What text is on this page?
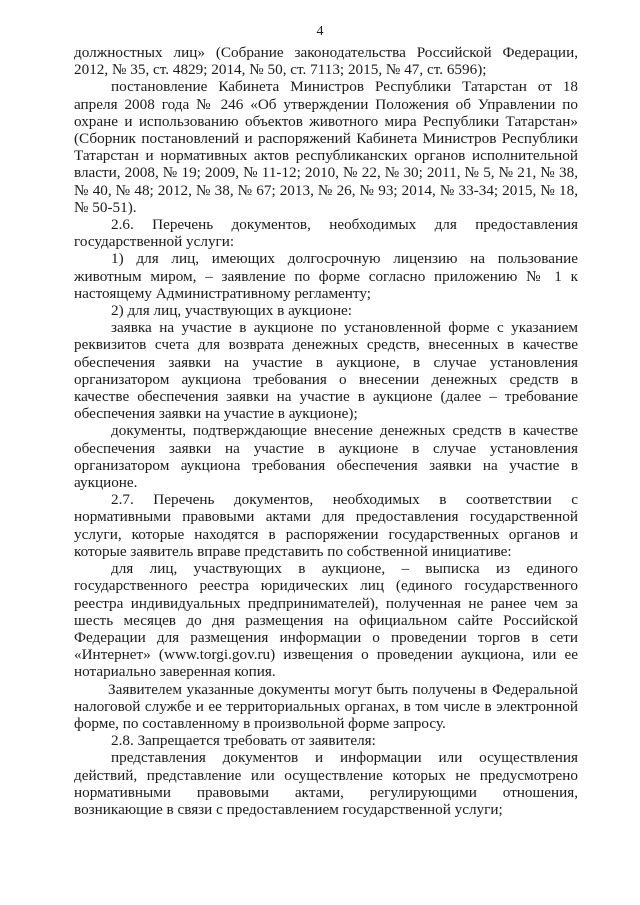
4

должностных лиц» (Собрание законодательства Российской Федерации, 2012, № 35, ст. 4829; 2014, № 50, ст. 7113; 2015, № 47, ст. 6596);

постановление Кабинета Министров Республики Татарстан от 18 апреля 2008 года № 246 «Об утверждении Положения об Управлении по охране и использованию объектов животного мира Республики Татарстан» (Сборник постановлений и распоряжений Кабинета Министров Республики Татарстан и нормативных актов республиканских органов исполнительной власти, 2008, № 19; 2009, № 11-12; 2010, № 22, № 30; 2011, № 5, № 21, № 38, № 40, № 48; 2012, № 38, № 67; 2013, № 26, № 93; 2014, № 33-34; 2015, № 18, № 50-51).

2.6. Перечень документов, необходимых для предоставления государственной услуги:

1) для лиц, имеющих долгосрочную лицензию на пользование животным миром, – заявление по форме согласно приложению № 1 к настоящему Административному регламенту;

2) для лиц, участвующих в аукционе:

заявка на участие в аукционе по установленной форме с указанием реквизитов счета для возврата денежных средств, внесенных в качестве обеспечения заявки на участие в аукционе, в случае установления организатором аукциона требования о внесении денежных средств в качестве обеспечения заявки на участие в аукционе (далее – требование обеспечения заявки на участие в аукционе);

документы, подтверждающие внесение денежных средств в качестве обеспечения заявки на участие в аукционе в случае установления организатором аукциона требования обеспечения заявки на участие в аукционе.

2.7. Перечень документов, необходимых в соответствии с нормативными правовыми актами для предоставления государственной услуги, которые находятся в распоряжении государственных органов и которые заявитель вправе представить по собственной инициативе:

для лиц, участвующих в аукционе, – выписка из единого государственного реестра юридических лиц (единого государственного реестра индивидуальных предпринимателей), полученная не ранее чем за шесть месяцев до дня размещения на официальном сайте Российской Федерации для размещения информации о проведении торгов в сети «Интернет» (www.torgi.gov.ru) извещения о проведении аукциона, или ее нотариально заверенная копия.

Заявителем указанные документы могут быть получены в Федеральной налоговой службе и ее территориальных органах, в том числе в электронной форме, по составленному в произвольной форме запросу.

2.8. Запрещается требовать от заявителя:

представления документов и информации или осуществления действий, представление или осуществление которых не предусмотрено нормативными правовыми актами, регулирующими отношения, возникающие в связи с предоставлением государственной услуги;
